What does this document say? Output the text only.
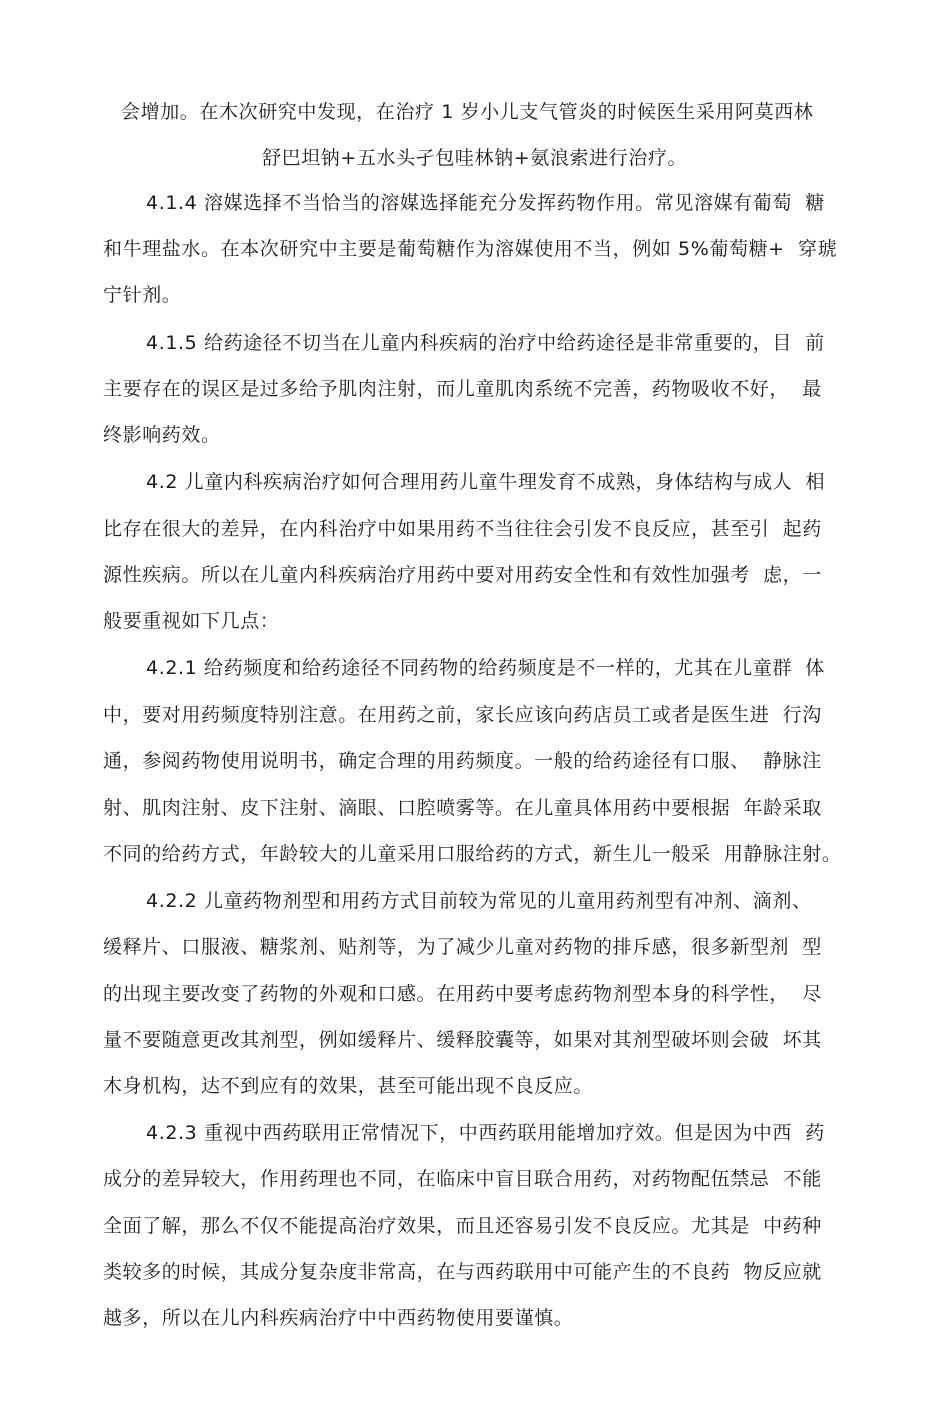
会增加。在木次研究中发现，在治疗 1 岁小儿支气管炎的时候医生采用阿莫西林
舒巴坦钠+五水头孑包哇林钠+氨浪索进行治疗。
4.1.4 溶媒选择不当恰当的溶媒选择能充分发挥药物作用。常见溶媒有葡萄  糖
和牛理盐水。在本次研究中主要是葡萄糖作为溶媒使用不当，例如 5%葡萄糖+  穿琥
宁针剂。
4.1.5 给药途径不切当在儿童内科疾病的治疗中给药途径是非常重要的，目  前
主要存在的误区是过多给予肌肉注射，而儿童肌肉系统不完善，药物吸收不好，  最
终影响药效。
4.2 儿童内科疾病治疗如何合理用药儿童牛理发育不成熟，身体结构与成人  相
比存在很大的差异，在内科治疗中如果用药不当往往会引发不良反应，甚至引  起药
源性疾病。所以在儿童内科疾病治疗用药中要对用药安全性和有效性加强考  虑，一
般要重视如下几点：
4.2.1 给药频度和给药途径不同药物的给药频度是不一样的，尤其在儿童群  体
中，要对用药频度特别注意。在用药之前，家长应该向药店员工或者是医生进  行沟
通，参阅药物使用说明书，确定合理的用药频度。一般的给药途径有口服、  静脉注
射、肌肉注射、皮下注射、滴眼、口腔喷雾等。在儿童具体用药中要根据  年龄采取
不同的给药方式，年龄较大的儿童采用口服给药的方式，新生儿一般采  用静脉注射。
4.2.2 儿童药物剂型和用药方式目前较为常见的儿童用药剂型有冲剂、滴剂、
缓释片、口服液、糖浆剂、贴剂等，为了减少儿童对药物的排斥感，很多新型剂  型
的出现主要改变了药物的外观和口感。在用药中要考虑药物剂型本身的科学性，  尽
量不要随意更改其剂型，例如缓释片、缓释胶囊等，如果对其剂型破坏则会破  坏其
木身机构，达不到应有的效果，甚至可能出现不良反应。
4.2.3 重视中西药联用正常情况下，中西药联用能增加疗效。但是因为中西  药
成分的差异较大，作用药理也不同，在临床中盲目联合用药，对药物配伍禁忌  不能
全面了解，那么不仅不能提高治疗效果，而且还容易引发不良反应。尤其是  中药种
类较多的时候，其成分复杂度非常高，在与西药联用中可能产生的不良药  物反应就
越多，所以在儿内科疾病治疗中中西药物使用要谨慎。
